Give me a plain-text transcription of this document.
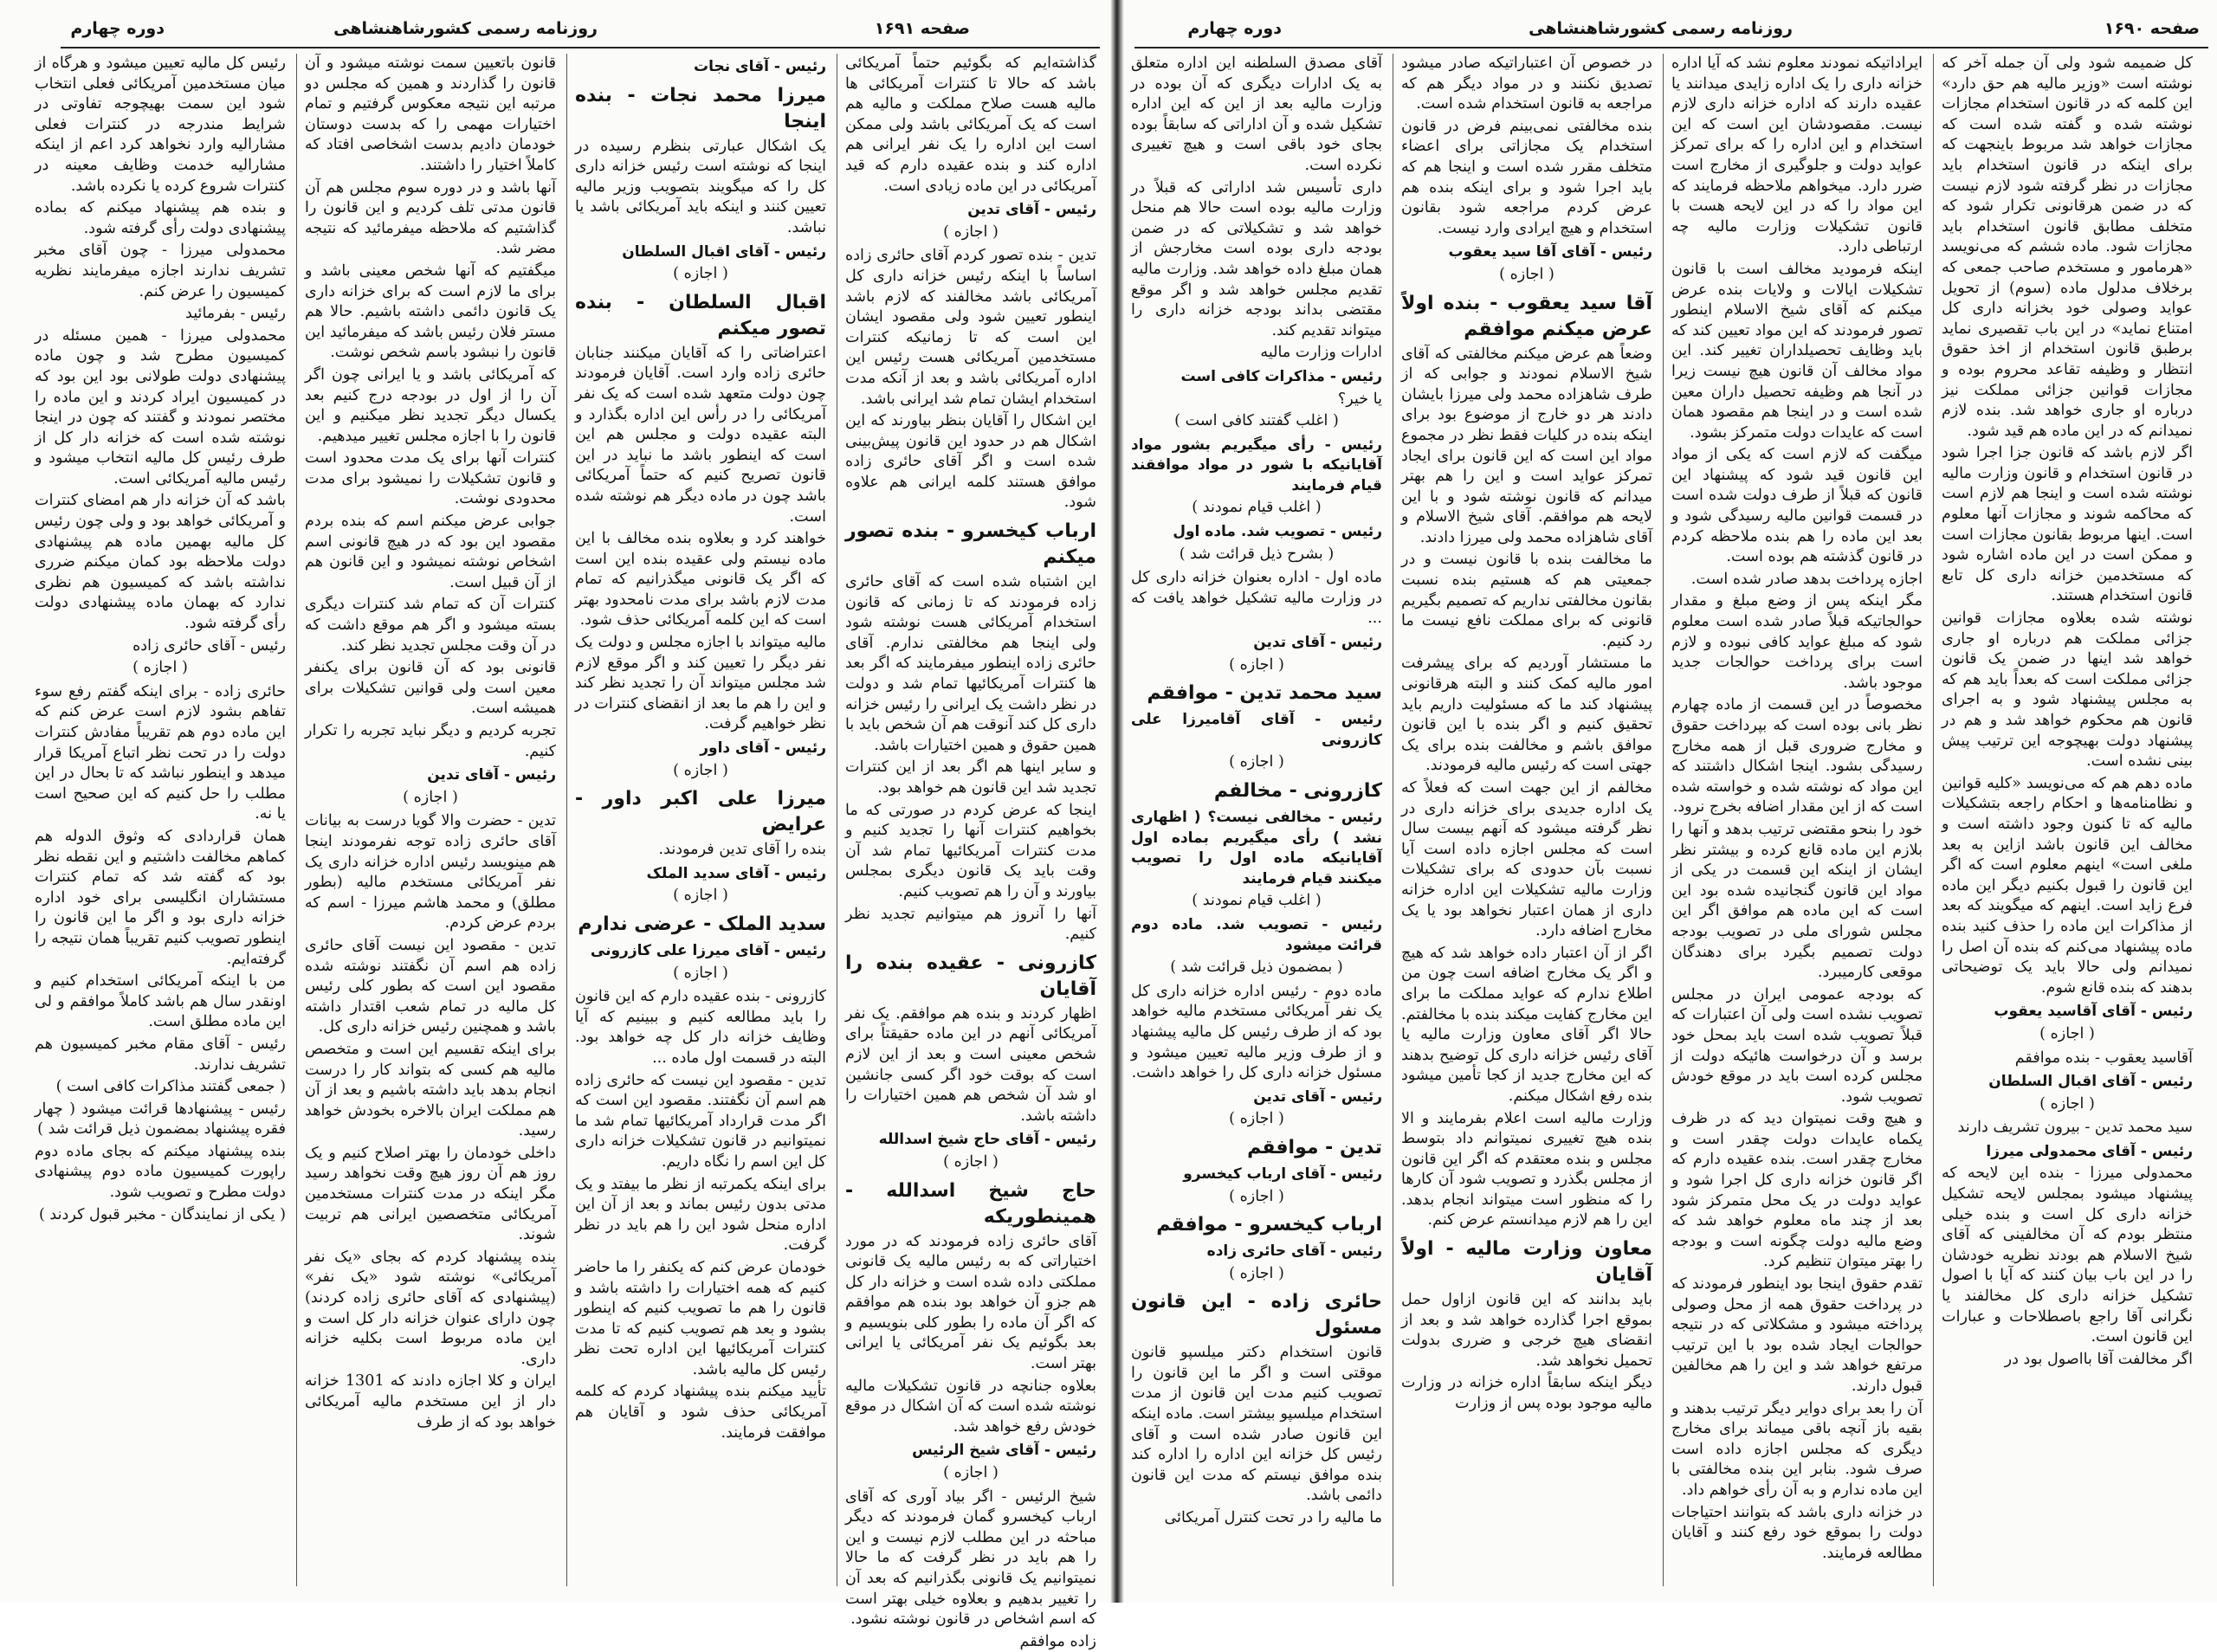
صفحه ۱۶۹۰
روزنامه رسمی کشورشاهنشاهی
دوره چهارم

کل ضمیمه شود ولی آن جمله آخر که نوشته است «وزیر مالیه هم حق دارد» این کلمه که در قانون استخدام مجازات نوشته شده و گفته شده است که مجازات خواهد شد مربوط باینجهت که برای اینکه در قانون استخدام باید مجازات در نظر گرفته شود لازم نیست که در ضمن هرقانونی تکرار شود که متخلف مطابق قانون استخدام باید مجازات شود. ماده ششم که می‌نویسد «هرمامور و مستخدم صاحب جمعی که برخلاف مدلول ماده (سوم) از تحویل عواید وصولی خود بخزانه داری کل امتناع نماید» در این باب تقصیری نماید برطبق قانون استخدام از اخذ حقوق انتظار و وظیفه تقاعد محروم بوده و مجازات قوانین جزائی مملکت نیز درباره او جاری خواهد شد. بنده لازم نمیدانم که در این ماده هم قید شود.

اگر لازم باشد که قانون جزا اجرا شود در قانون استخدام و قانون وزارت مالیه نوشته شده است و اینجا هم لازم است که محاکمه شوند و مجازات آنها معلوم است. اینها مربوط بقانون مجازات است و ممکن است در این ماده اشاره شود که مستخدمین خزانه داری کل تابع قانون استخدام هستند.

نوشته شده بعلاوه مجازات قوانین جزائی مملکت هم درباره او جاری خواهد شد اینها در ضمن یک قانون جزائی مملکت است که بعداً باید هم که به مجلس پیشنهاد شود و به اجرای قانون هم محکوم خواهد شد و هم در پیشنهاد دولت بهیچوجه این ترتیب پیش بینی نشده است.

ماده دهم هم که می‌نویسد «کلیه قوانین و نظامنامه‌ها و احکام راجعه بتشکیلات مالیه که تا کنون وجود داشته است و مخالف این قانون باشد ازاین به بعد ملغی است» اینهم معلوم است که اگر این قانون را قبول بکنیم دیگر این ماده فرع زاید است. اینهم که میگویند که بعد از مذاکرات این ماده را حذف کنید بنده ماده پیشنهاد می‌کنم که بنده آن اصل را نمیدانم ولی حالا باید یک توضیحاتی بدهند که بنده قانع شوم.

رئیس - آقای آقاسید یعقوب

( اجازه )

آقاسید یعقوب - بنده موافقم

رئیس - آقای اقبال السلطان

( اجازه )

سید محمد تدین - بیرون تشریف دارند

رئیس - آقای محمدولی میرزا

محمدولی میرزا - بنده این لایحه که پیشنهاد میشود بمجلس لایحه تشکیل خزانه داری کل است و بنده خیلی منتظر بودم که آن مخالفینی که آقای شیخ الاسلام هم بودند نظریه خودشان را در این باب بیان کنند که آیا با اصول تشکیل خزانه داری کل مخالفند یا نگرانی آقا راجع باصطلاحات و عبارات این قانون است.

اگر مخالفت آقا بااصول بود در

ایراداتیکه نمودند معلوم نشد که آیا اداره خزانه داری را یک اداره زایدی میدانند یا عقیده دارند که اداره خزانه داری لازم نیست. مقصودشان این است که این استخدام و این اداره را که برای تمرکز عواید دولت و جلوگیری از مخارج است ضرر دارد. میخواهم ملاحظه فرمایند که این مواد را که در این لایحه هست با قانون تشکیلات وزارت مالیه چه ارتباطی دارد.

اینکه فرمودید مخالف است با قانون تشکیلات ایالات و ولایات بنده عرض میکنم که آقای شیخ الاسلام اینطور تصور فرمودند که این مواد تعیین کند که باید وظایف تحصیلداران تغییر کند. این مواد مخالف آن قانون هیچ نیست زیرا در آنجا هم وظیفه تحصیل داران معین شده است و در اینجا هم مقصود همان است که عایدات دولت متمرکز بشود.

میگفت که لازم است که یکی از مواد این قانون قید شود که پیشنهاد این قانون که قبلاً از طرف دولت شده است در قسمت قوانین مالیه رسیدگی شود و بعد این ماده را هم بنده ملاحظه کردم در قانون گذشته هم بوده است.

اجازه پرداخت بدهد صادر شده است.

مگر اینکه پس از وضع مبلغ و مقدار حوالجاتیکه قبلاً صادر شده است معلوم شود که مبلغ عواید کافی نبوده و لازم است برای پرداخت حوالجات جدید موجود باشد.

مخصوصاً در این قسمت از ماده چهارم نظر بانی بوده است که بپرداخت حقوق و مخارج ضروری قبل از همه مخارج رسیدگی بشود. اینجا اشکال داشتند که این مواد که نوشته شده و خواسته شده است که از این مقدار اضافه بخرج نرود.

خود را بنحو مقتضی ترتیب بدهد و آنها را بلازم این ماده قانع کرده و بیشتر نظر ایشان از اینکه این قسمت در یکی از مواد این قانون گنجانیده شده بود این است که این ماده هم موافق اگر این مجلس شورای ملی در تصویب بودجه دولت تصمیم بگیرد برای دهندگان موقعی کارمیبرد.

که بودجه عمومی ایران در مجلس تصویب نشده است ولی آن اعتبارات که قبلاً تصویب شده است باید بمحل خود برسد و آن درخواست هائیکه دولت از مجلس کرده است باید در موقع خودش تصویب شود.

و هیچ وقت نمیتوان دید که در ظرف یکماه عایدات دولت چقدر است و مخارج چقدر است. بنده عقیده دارم که اگر قانون خزانه داری کل اجرا شود و عواید دولت در یک محل متمرکز شود بعد از چند ماه معلوم خواهد شد که وضع مالیه دولت چگونه است و بودجه را بهتر میتوان تنظیم کرد.

تقدم حقوق اینجا بود اینطور فرمودند که در پرداخت حقوق همه از محل وصولی پرداخته میشود و مشکلاتی که در نتیجه حوالجات ایجاد شده بود با این ترتیب مرتفع خواهد شد و این را هم مخالفین قبول دارند.

آن را بعد برای دوایر دیگر ترتیب بدهند و بقیه باز آنچه باقی میماند برای مخارج دیگری که مجلس اجازه داده است صرف شود. بنابر این بنده مخالفتی با این ماده ندارم و به آن رأی خواهم داد.

در خزانه داری باشد که بتوانند احتیاجات دولت را بموقع خود رفع کنند و آقایان مطالعه فرمایند.

در خصوص آن اعتباراتیکه صادر میشود تصدیق نکنند و در مواد دیگر هم که مراجعه به قانون استخدام شده است.

بنده مخالفتی نمی‌بینم فرض در قانون استخدام یک مجازاتی برای اعضاء متخلف مقرر شده است و اینجا هم که باید اجرا شود و برای اینکه بنده هم عرض کردم مراجعه شود بقانون استخدام و هیچ ایرادی وارد نیست.

رئیس - آقای آقا سید یعقوب

( اجازه )

آقا سید یعقوب - بنده اولاً عرض میکنم موافقم

وضعاً هم عرض میکنم مخالفتی که آقای شیخ الاسلام نمودند و جوابی که از طرف شاهزاده محمد ولی میرزا بایشان دادند هر دو خارج از موضوع بود برای اینکه بنده در کلیات فقط نظر در مجموع مواد این است که این قانون برای ایجاد تمرکز عواید است و این را هم بهتر میدانم که قانون نوشته شود و با این لایحه هم موافقم. آقای شیخ الاسلام و آقای شاهزاده محمد ولی میرزا دادند.

ما مخالفت بنده با قانون نیست و در جمعیتی هم که هستیم بنده نسبت بقانون مخالفتی نداریم که تصمیم بگیریم قانونی که برای مملکت نافع نیست ما رد کنیم.

ما مستشار آوردیم که برای پیشرفت امور مالیه کمک کنند و البته هرقانونی پیشنهاد کند ما که مسئولیت داریم باید تحقیق کنیم و اگر بنده با این قانون موافق باشم و مخالفت بنده برای یک جهتی است که رئیس مالیه فرمودند.

مخالفم از این جهت است که فعلاً که یک اداره جدیدی برای خزانه داری در نظر گرفته میشود که آنهم بیست سال است که مجلس اجازه داده است آیا نسبت بآن حدودی که برای تشکیلات وزارت مالیه تشکیلات این اداره خزانه داری از همان اعتبار نخواهد بود یا یک مخارج اضافه دارد.

اگر از آن اعتبار داده خواهد شد که هیچ و اگر یک مخارج اضافه است چون من اطلاع ندارم که عواید مملکت ما برای این مخارج کفایت میکند بنده با مخالفتم. حالا اگر آقای معاون وزارت مالیه یا آقای رئیس خزانه داری کل توضیح بدهند که این مخارج جدید از کجا تأمین میشود بنده رفع اشکال میکنم.

وزارت مالیه است اعلام بفرمایند و الا بنده هیچ تغییری نمیتوانم داد بتوسط مجلس و بنده معتقدم که اگر این قانون از مجلس بگذرد و تصویب شود آن کارها را که منظور است میتواند انجام بدهد. این را هم لازم میدانستم عرض کنم.

معاون وزارت مالیه - اولاً آقایان

باید بدانند که این قانون ازاول حمل بموقع اجرا گذارده خواهد شد و بعد از انقضای هیچ خرجی و ضرری بدولت تحمیل نخواهد شد.

دیگر اینکه سابقاً اداره خزانه در وزارت مالیه موجود بوده پس از وزارت

آقای مصدق السلطنه این اداره متعلق به یک ادارات دیگری که آن بوده در وزارت مالیه بعد از این که این اداره تشکیل شده و آن اداراتی که سابقاً بوده بجای خود باقی است و هیچ تغییری نکرده است.

داری تأسیس شد اداراتی که قبلاً در وزارت مالیه بوده است حالا هم منحل خواهد شد و تشکیلاتی که در ضمن بودجه داری بوده است مخارجش از همان مبلغ داده خواهد شد. وزارت مالیه تقدیم مجلس خواهد شد و اگر موقع مقتضی بداند بودجه خزانه داری را میتواند تقدیم کند.

ادارات وزارت مالیه

رئیس - مذاکرات کافی است

یا خیر؟

( اغلب گفتند کافی است )

رئیس - رأی میگیریم بشور مواد آقایانیکه با شور در مواد موافقند قیام فرمایند

( اغلب قیام نمودند )

رئیس - تصویب شد. ماده اول

( بشرح ذیل قرائت شد )

ماده اول - اداره بعنوان خزانه داری کل در وزارت مالیه تشکیل خواهد یافت که ...

رئیس - آقای تدین

( اجازه )

سید محمد تدین - موافقم

رئیس - آقای آقامیرزا علی کازرونی

( اجازه )

کازرونی - مخالفم

رئیس - مخالفی نیست؟ ( اظهاری نشد ) رأی میگیریم بماده اول آقایانیکه ماده اول را تصویب میکنند قیام فرمایند

( اغلب قیام نمودند )

رئیس - تصویب شد. ماده دوم قرائت میشود

( بمضمون ذیل قرائت شد )

ماده دوم - رئیس اداره خزانه داری کل یک نفر آمریکائی مستخدم مالیه خواهد بود که از طرف رئیس کل مالیه پیشنهاد و از طرف وزیر مالیه تعیین میشود و مسئول خزانه داری کل را خواهد داشت.

رئیس - آقای تدین

( اجازه )

تدین - موافقم

رئیس - آقای ارباب کیخسرو

( اجازه )

ارباب کیخسرو - موافقم

رئیس - آقای حائری زاده

( اجازه )

حائری زاده - این قانون مسئول

قانون استخدام دکتر میلسپو قانون موقتی است و اگر ما این قانون را تصویب کنیم مدت این قانون از مدت استخدام میلسپو بیشتر است. ماده اینکه این قانون صادر شده است و آقای رئیس کل خزانه این اداره را اداره کند بنده موافق نیستم که مدت این قانون دائمی باشد.

ما مالیه را در تحت کنترل آمریکائی

صفحه ۱۶۹۱
روزنامه رسمی کشورشاهنشاهی
دوره چهارم

گذاشته‌ایم که بگوئیم حتماً آمریکائی باشد که حالا تا کنترات آمریکائی ها مالیه هست صلاح مملکت و مالیه هم است که یک آمریکائی باشد ولی ممکن است این اداره را یک نفر ایرانی هم اداره کند و بنده عقیده دارم که قید آمریکائی در این ماده زیادی است.

رئیس - آقای تدین

( اجازه )

تدین - بنده تصور کردم آقای حائری زاده اساساً با اینکه رئیس خزانه داری کل آمریکائی باشد مخالفند که لازم باشد اینطور تعیین شود ولی مقصود ایشان این است که تا زمانیکه کنترات مستخدمین آمریکائی هست رئیس این اداره آمریکائی باشد و بعد از آنکه مدت استخدام ایشان تمام شد ایرانی باشد.

این اشکال را آقایان بنظر بیاورند که این اشکال هم در حدود این قانون پیش‌بینی شده است و اگر آقای حائری زاده موافق هستند کلمه ایرانی هم علاوه شود.

ارباب کیخسرو - بنده تصور میکنم

این اشتباه شده است که آقای حائری زاده فرمودند که تا زمانی که قانون استخدام آمریکائی هست نوشته شود ولی اینجا هم مخالفتی ندارم. آقای حائری زاده اینطور میفرمایند که اگر بعد ها کنترات آمریکائیها تمام شد و دولت در نظر داشت یک ایرانی را رئیس خزانه داری کل کند آنوقت هم آن شخص باید با همین حقوق و همین اختیارات باشد.

و سایر اینها هم اگر بعد از این کنترات تجدید شد این قانون هم خواهد بود.

اینجا که عرض کردم در صورتی که ما بخواهیم کنترات آنها را تجدید کنیم و مدت کنترات آمریکائیها تمام شد آن وقت باید یک قانون دیگری بمجلس بیاورند و آن را هم تصویب کنیم.

آنها را آنروز هم میتوانیم تجدید نظر کنیم.

کازرونی - عقیده بنده را آقایان

اظهار کردند و بنده هم موافقم. یک نفر آمریکائی آنهم در این ماده حقیقتاً برای شخص معینی است و بعد از این لازم است که بوقت خود اگر کسی جانشین او شد آن شخص هم همین اختیارات را داشته باشد.

رئیس - آقای حاج شیخ اسدالله

( اجازه )

حاج شیخ اسدالله - همینطوریکه

آقای حائری زاده فرمودند که در مورد اختیاراتی که به رئیس مالیه یک قانونی مملکتی داده شده است و خزانه دار کل هم جزو آن خواهد بود بنده هم موافقم که اگر آن ماده را بطور کلی بنویسیم و بعد بگوئیم یک نفر آمریکائی یا ایرانی بهتر است.

بعلاوه جنانچه در قانون تشکیلات مالیه نوشته شده است که آن اشکال در موقع خودش رفع خواهد شد.

رئیس - آقای شیخ الرئیس

( اجازه )

شیخ الرئیس - اگر بیاد آوری که آقای ارباب کیخسرو گمان فرمودند که دیگر مباحثه در این مطلب لازم نیست و این را هم باید در نظر گرفت که ما حالا نمیتوانیم یک قانونی بگذرانیم که بعد آن را تغییر بدهیم و بعلاوه خیلی بهتر است که اسم اشخاص در قانون نوشته نشود.

زاده موافقم

رئیس - آقای نجات

میرزا محمد نجات - بنده اینجا

یک اشکال عبارتی بنظرم رسیده در اینجا که نوشته است رئیس خزانه داری کل را که میگویند بتصویب وزیر مالیه تعیین کنند و اینکه باید آمریکائی باشد یا نباشد.

رئیس - آقای اقبال السلطان

( اجازه )

اقبال السلطان - بنده تصور میکنم

اعتراضاتی را که آقایان میکنند جنابان حائری زاده وارد است. آقایان فرمودند چون دولت متعهد شده است که یک نفر آمریکائی را در رأس این اداره بگذارد و البته عقیده دولت و مجلس هم این است که اینطور باشد ما نباید در این قانون تصریح کنیم که حتماً آمریکائی باشد چون در ماده دیگر هم نوشته شده است.

خواهند کرد و بعلاوه بنده مخالف با این ماده نیستم ولی عقیده بنده این است که اگر یک قانونی میگذرانیم که تمام مدت لازم باشد برای مدت نامحدود بهتر است که این کلمه آمریکائی حذف شود.

مالیه میتواند با اجازه مجلس و دولت یک نفر دیگر را تعیین کند و اگر موقع لازم شد مجلس میتواند آن را تجدید نظر کند و این را هم ما بعد از انقضای کنترات در نظر خواهیم گرفت.

رئیس - آقای داور

( اجازه )

میرزا علی اکبر داور - عرایض

بنده را آقای تدین فرمودند.

رئیس - آقای سدید الملک

( اجازه )

سدید الملک - عرضی ندارم

رئیس - آقای میرزا علی کازرونی

( اجازه )

کازرونی - بنده عقیده دارم که این قانون را باید مطالعه کنیم و ببینیم که آیا وظایف خزانه دار کل چه خواهد بود. البته در قسمت اول ماده ...

تدین - مقصود این نیست که حائری زاده هم اسم آن نگفتند. مقصود این است که اگر مدت قرارداد آمریکائیها تمام شد ما نمیتوانیم در قانون تشکیلات خزانه داری کل این اسم را نگاه داریم.

برای اینکه یکمرتبه از نظر ما بیفتد و یک مدتی بدون رئیس بماند و بعد از آن این اداره منحل شود این را هم باید در نظر گرفت.

خودمان عرض کنم که یکنفر را ما حاضر کنیم که همه اختیارات را داشته باشد و قانون را هم ما تصویب کنیم که اینطور بشود و بعد هم تصویب کنیم که تا مدت کنترات آمریکائیها این اداره تحت نظر رئیس کل مالیه باشد.

تأیید میکنم بنده پیشنهاد کردم که کلمه آمریکائی حذف شود و آقایان هم موافقت فرمایند.

قانون باتعیین سمت نوشته میشود و آن قانون را گذاردند و همین که مجلس دو مرتبه این نتیجه معکوس گرفتیم و تمام اختیارات مهمی را که بدست دوستان خودمان دادیم بدست اشخاصی افتاد که کاملاً اختیار را داشتند.

آنها باشد و در دوره سوم مجلس هم آن قانون مدتی تلف کردیم و این قانون را گذاشتیم که ملاحظه میفرمائید که نتیجه مضر شد.

میگفتیم که آنها شخص معینی باشد و برای ما لازم است که برای خزانه داری یک قانون دائمی داشته باشیم. حالا هم مستر فلان رئیس باشد که میفرمائید این قانون را نبشود باسم شخص نوشت.

که آمریکائی باشد و یا ایرانی چون اگر آن را از اول در بودجه درج کنیم بعد یکسال دیگر تجدید نظر میکنیم و این قانون را با اجازه مجلس تغییر میدهیم.

کنترات آنها برای یک مدت محدود است و قانون تشکیلات را نمیشود برای مدت محدودی نوشت.

جوابی عرض میکنم اسم که بنده بردم مقصود این بود که در هیچ قانونی اسم اشخاص نوشته نمیشود و این قانون هم از آن قبیل است.

کنترات آن که تمام شد کنترات دیگری بسته میشود و اگر هم موقع داشت که در آن وقت مجلس تجدید نظر کند.

قانونی بود که آن قانون برای یکنفر معین است ولی قوانین تشکیلات برای همیشه است.

تجربه کردیم و دیگر نباید تجربه را تکرار کنیم.

رئیس - آقای تدین

( اجازه )

تدین - حضرت والا گویا درست به بیانات آقای حائری زاده توجه نفرمودند اینجا هم مینویسد رئیس اداره خزانه داری یک نفر آمریکائی مستخدم مالیه (بطور مطلق) و محمد هاشم میرزا - اسم که بردم عرض کردم.

تدین - مقصود این نیست آقای حائری زاده هم اسم آن نگفتند نوشته شده مقصود این است که بطور کلی رئیس کل مالیه در تمام شعب اقتدار داشته باشد و همچنین رئیس خزانه داری کل.

برای اینکه تقسیم این است و متخصص مالیه هم کسی که بتواند کار را درست انجام بدهد باید داشته باشیم و بعد از آن هم مملکت ایران بالاخره بخودش خواهد رسید.

داخلی خودمان را بهتر اصلاح کنیم و یک روز هم آن روز هیچ وقت نخواهد رسید مگر اینکه در مدت کنترات مستخدمین آمریکائی متخصصین ایرانی هم تربیت شوند.

بنده پیشنهاد کردم که بجای «یک نفر آمریکائی» نوشته شود «یک نفر» (پیشنهادی که آقای حائری زاده کردند) چون دارای عنوان خزانه دار کل است و این ماده مربوط است بکلیه خزانه داری.

ایران و کلا اجازه دادند که 1301 خزانه دار از این مستخدم مالیه آمریکائی خواهد بود که از طرف

رئیس کل مالیه تعیین میشود و هرگاه از میان مستخدمین آمریکائی فعلی انتخاب شود این سمت بهیچوجه تفاوتی در شرایط مندرجه در کنترات فعلی مشارالیه وارد نخواهد کرد اعم از اینکه مشارالیه خدمت وظایف معینه در کنترات شروع کرده یا نکرده باشد.

و بنده هم پیشنهاد میکنم که بماده پیشنهادی دولت رأی گرفته شود.

محمدولی میرزا - چون آقای مخبر تشریف ندارند اجازه میفرمایند نظریه کمیسیون را عرض کنم.

رئیس - بفرمائید

محمدولی میرزا - همین مسئله در کمیسیون مطرح شد و چون ماده پیشنهادی دولت طولانی بود این بود که در کمیسیون ایراد کردند و این ماده را مختصر نمودند و گفتند که چون در اینجا نوشته شده است که خزانه دار کل از طرف رئیس کل مالیه انتخاب میشود و رئیس مالیه آمریکائی است.

باشد که آن خزانه دار هم امضای کنترات و آمریکائی خواهد بود و ولی چون رئیس کل مالیه بهمین ماده هم پیشنهادی دولت ملاحظه بود کمان میکنم ضرری نداشته باشد که کمیسیون هم نظری ندارد که بهمان ماده پیشنهادی دولت رأی گرفته شود.

رئیس - آقای حائری زاده

( اجازه )

حائری زاده - برای اینکه گفتم رفع سوء تفاهم بشود لازم است عرض کنم که این ماده دوم هم تقریباً مفادش کنترات دولت را در تحت نظر اتباع آمریکا قرار میدهد و اینطور نباشد که تا بحال در این مطلب را حل کنیم که این صحیح است یا نه.

همان قراردادی که وثوق الدوله هم کماهم مخالفت داشتیم و این نقطه نظر بود که گفته شد که تمام کنترات مستشاران انگلیسی برای خود اداره خزانه داری بود و اگر ما این قانون را اینطور تصویب کنیم تقریباً همان نتیجه را گرفته‌ایم.

من با اینکه آمریکائی استخدام کنیم و اونقدر سال هم باشد کاملاً موافقم و لی این ماده مطلق است.

رئیس - آقای مقام مخبر کمیسیون هم تشریف ندارند.

( جمعی گفتند مذاکرات کافی است )

رئیس - پیشنهادها قرائت میشود ( چهار فقره پیشنهاد بمضمون ذیل قرائت شد )

بنده پیشنهاد میکنم که بجای ماده دوم راپورت کمیسیون ماده دوم پیشنهادی دولت مطرح و تصویب شود.

( یکی از نمایندگان - مخبر قبول کردند )
